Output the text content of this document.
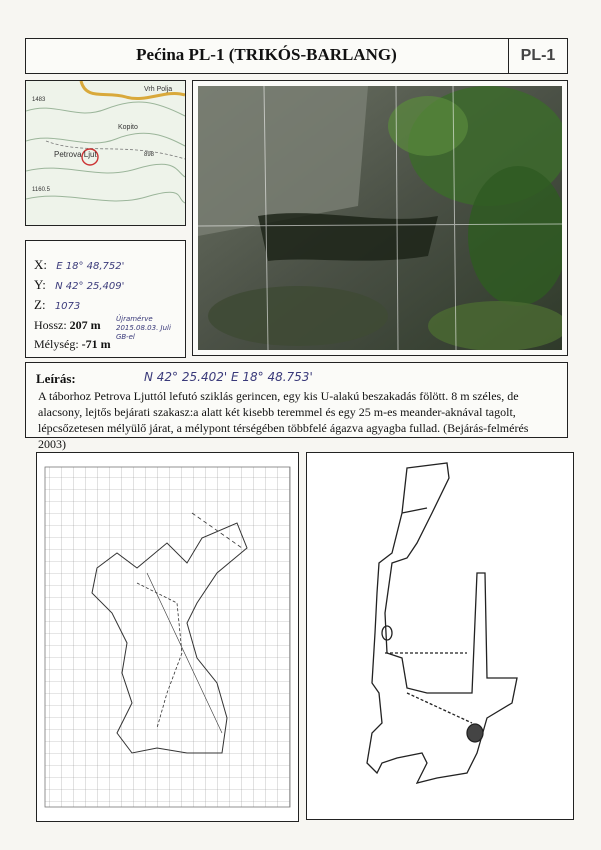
Pećina PL-1 (TRIKÓS-BARLANG)	PL-1
Vrh Polja
Kopito
Petrova Ljut	898
1483
1160.5
X: E 18° 48,752'
Y: N 42° 25,409'
Z: 1073
Hossz: 207 m
Mélység: -71 m
Újramérve 2015.08.03. Juli GB-el
Leírás:	N 42° 25.402' E 18° 48.753'
A táborhoz Petrova Ljuttól lefutó sziklás gerincen, egy kis U-alakú beszakadás fölött. 8 m széles, de alacsony, lejtős bejárati szakasz:a alatt két kisebb teremmel és egy 25 m-es meander-aknával tagolt, lépcsőzetesen mélyülő járat, a mélypont térségében többfelé ágazva agyagba fullad. (Bejárás-felmérés 2003)
